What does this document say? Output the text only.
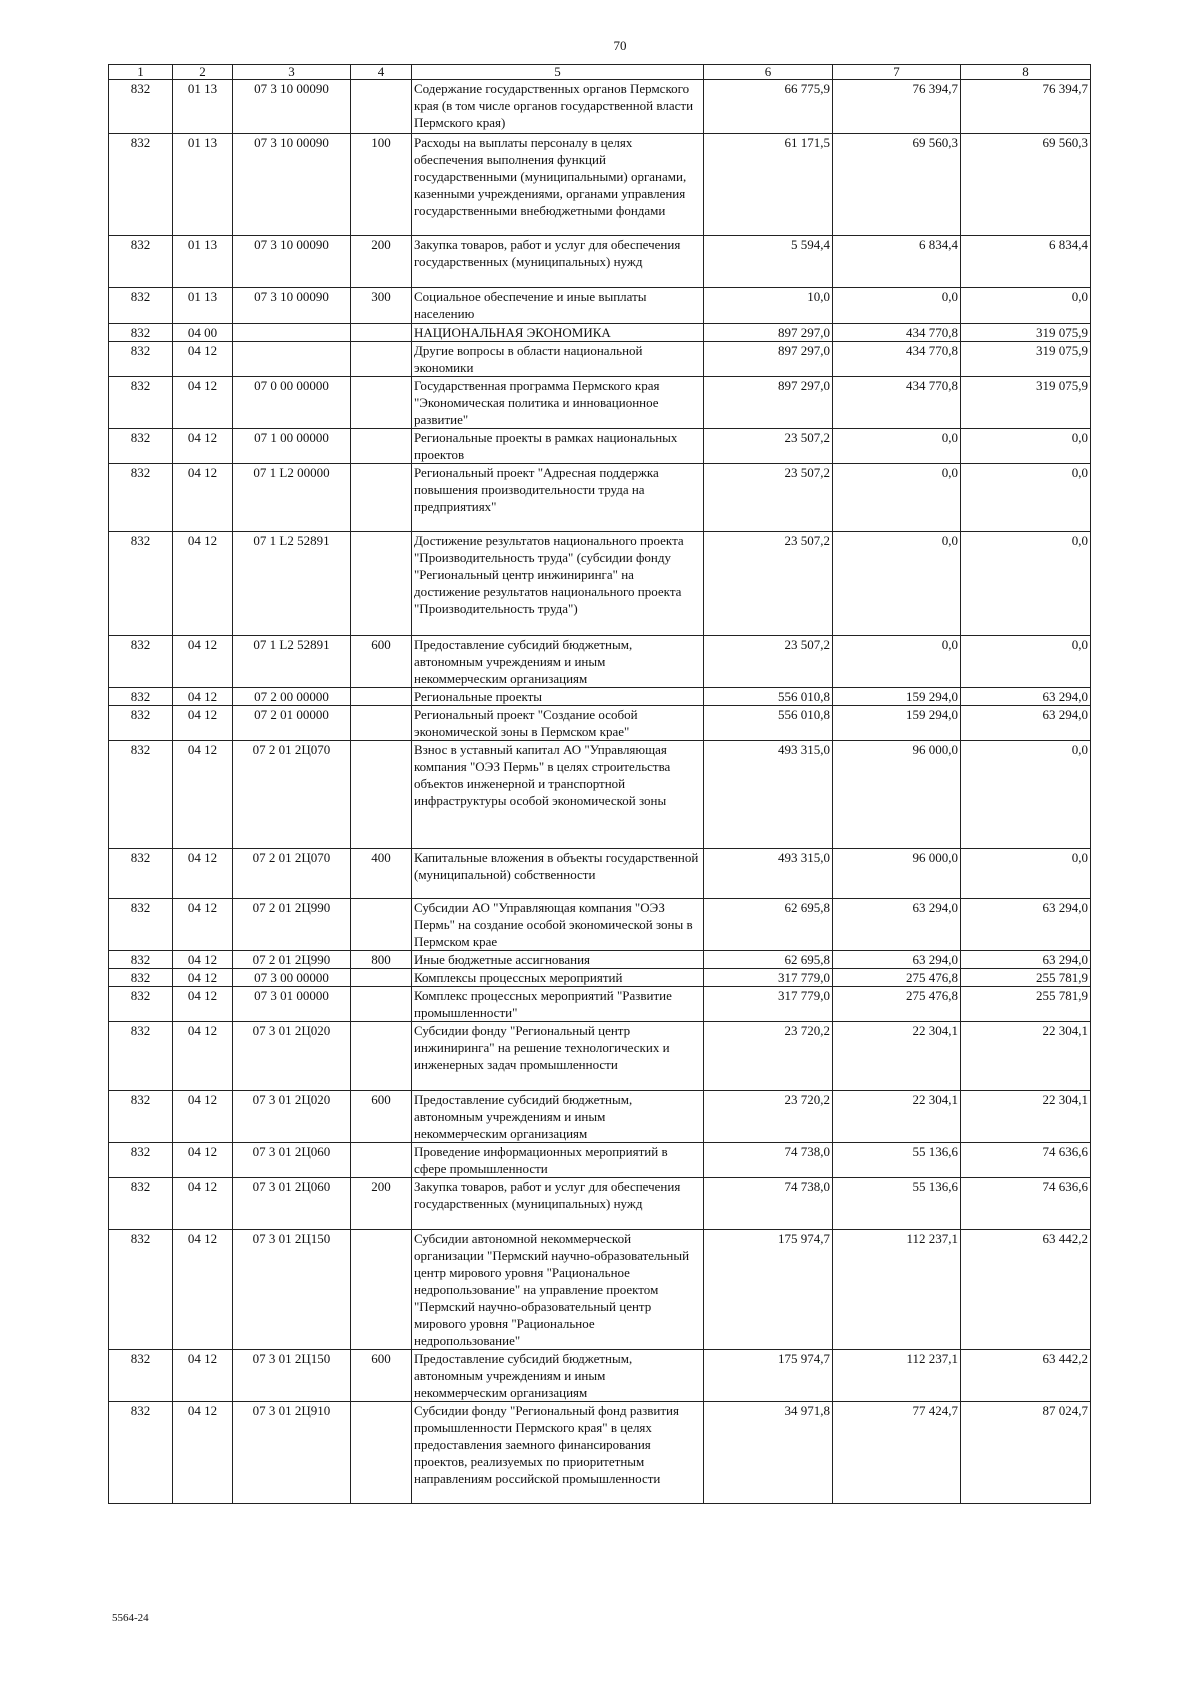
70
1	2	3	4	5	6	7	8
832	01 13	07 3 10 00090		Содержание государственных органов Пермского края (в том числе органов государственной власти Пермского края)	66 775,9	76 394,7	76 394,7
832	01 13	07 3 10 00090	100	Расходы на выплаты персоналу в целях обеспечения выполнения функций государственными (муниципальными) органами, казенными учреждениями, органами управления государственными внебюджетными фондами	61 171,5	69 560,3	69 560,3
832	01 13	07 3 10 00090	200	Закупка товаров, работ и услуг для обеспечения государственных (муниципальных) нужд	5 594,4	6 834,4	6 834,4
832	01 13	07 3 10 00090	300	Социальное обеспечение и иные выплаты населению	10,0	0,0	0,0
832	04 00			НАЦИОНАЛЬНАЯ ЭКОНОМИКА	897 297,0	434 770,8	319 075,9
832	04 12			Другие вопросы в области национальной экономики	897 297,0	434 770,8	319 075,9
832	04 12	07 0 00 00000		Государственная программа Пермского края "Экономическая политика и инновационное развитие"	897 297,0	434 770,8	319 075,9
832	04 12	07 1 00 00000		Региональные проекты в рамках национальных проектов	23 507,2	0,0	0,0
832	04 12	07 1 L2 00000		Региональный проект "Адресная поддержка повышения производительности труда на предприятиях"	23 507,2	0,0	0,0
832	04 12	07 1 L2 52891		Достижение результатов национального проекта "Производительность труда" (субсидии фонду "Региональный центр инжиниринга" на достижение результатов национального проекта "Производительность труда")	23 507,2	0,0	0,0
832	04 12	07 1 L2 52891	600	Предоставление субсидий бюджетным, автономным учреждениям и иным некоммерческим организациям	23 507,2	0,0	0,0
832	04 12	07 2 00 00000		Региональные проекты	556 010,8	159 294,0	63 294,0
832	04 12	07 2 01 00000		Региональный проект "Создание особой экономической зоны в Пермском крае"	556 010,8	159 294,0	63 294,0
832	04 12	07 2 01 2Ц070		Взнос в уставный капитал АО "Управляющая компания "ОЭЗ Пермь" в целях строительства объектов инженерной и транспортной инфраструктуры особой экономической зоны	493 315,0	96 000,0	0,0
832	04 12	07 2 01 2Ц070	400	Капитальные вложения в объекты государственной (муниципальной) собственности	493 315,0	96 000,0	0,0
832	04 12	07 2 01 2Ц990		Субсидии АО "Управляющая компания "ОЭЗ Пермь" на создание особой экономической зоны в Пермском крае	62 695,8	63 294,0	63 294,0
832	04 12	07 2 01 2Ц990	800	Иные бюджетные ассигнования	62 695,8	63 294,0	63 294,0
832	04 12	07 3 00 00000		Комплексы процессных мероприятий	317 779,0	275 476,8	255 781,9
832	04 12	07 3 01 00000		Комплекс процессных мероприятий "Развитие промышленности"	317 779,0	275 476,8	255 781,9
832	04 12	07 3 01 2Ц020		Субсидии фонду "Региональный центр инжиниринга" на решение технологических и инженерных задач промышленности	23 720,2	22 304,1	22 304,1
832	04 12	07 3 01 2Ц020	600	Предоставление субсидий бюджетным, автономным учреждениям и иным некоммерческим организациям	23 720,2	22 304,1	22 304,1
832	04 12	07 3 01 2Ц060		Проведение информационных мероприятий в сфере промышленности	74 738,0	55 136,6	74 636,6
832	04 12	07 3 01 2Ц060	200	Закупка товаров, работ и услуг для обеспечения государственных (муниципальных) нужд	74 738,0	55 136,6	74 636,6
832	04 12	07 3 01 2Ц150		Субсидии автономной некоммерческой организации "Пермский научно-образовательный центр мирового уровня "Рациональное недропользование" на управление проектом "Пермский научно-образовательный центр мирового уровня "Рациональное недропользование"	175 974,7	112 237,1	63 442,2
832	04 12	07 3 01 2Ц150	600	Предоставление субсидий бюджетным, автономным учреждениям и иным некоммерческим организациям	175 974,7	112 237,1	63 442,2
832	04 12	07 3 01 2Ц910		Субсидии фонду "Региональный фонд развития промышленности Пермского края" в целях предоставления заемного финансирования проектов, реализуемых по приоритетным направлениям российской промышленности	34 971,8	77 424,7	87 024,7
5564-24
